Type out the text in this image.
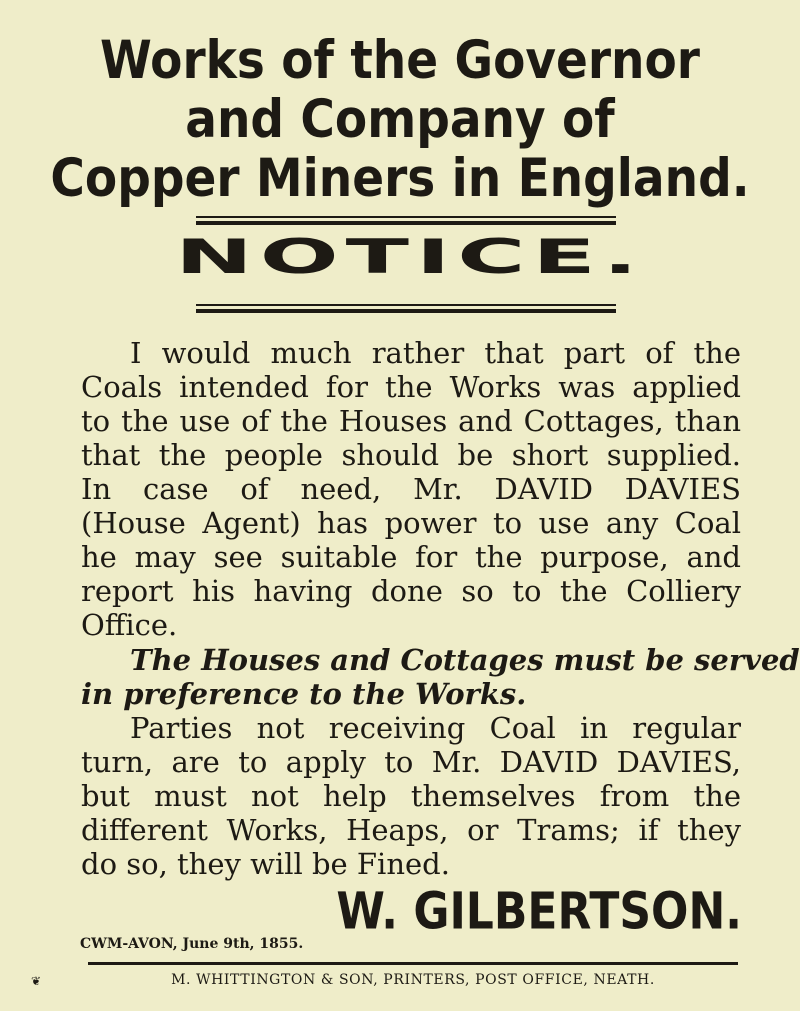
Works of the Governor
and Company of
Copper Miners in England.
NOTICE.
I would much rather that part of the
Coals intended for the Works was applied
to the use of the Houses and Cottages, than
that the people should be short supplied.
In case of need, Mr. DAVID DAVIES
(House Agent) has power to use any Coal
he may see suitable for the purpose, and
report his having done so to the Colliery
Office.
The Houses and Cottages must be served
in preference to the Works.
Parties not receiving Coal in regular
turn, are to apply to Mr. DAVID DAVIES,
but must not help themselves from the
different Works, Heaps, or Trams; if they
do so, they will be Fined.
CWM-AVON, June 9th, 1855.
W. GILBERTSON.
❦	M. WHITTINGTON & SON, PRINTERS, POST OFFICE, NEATH.
